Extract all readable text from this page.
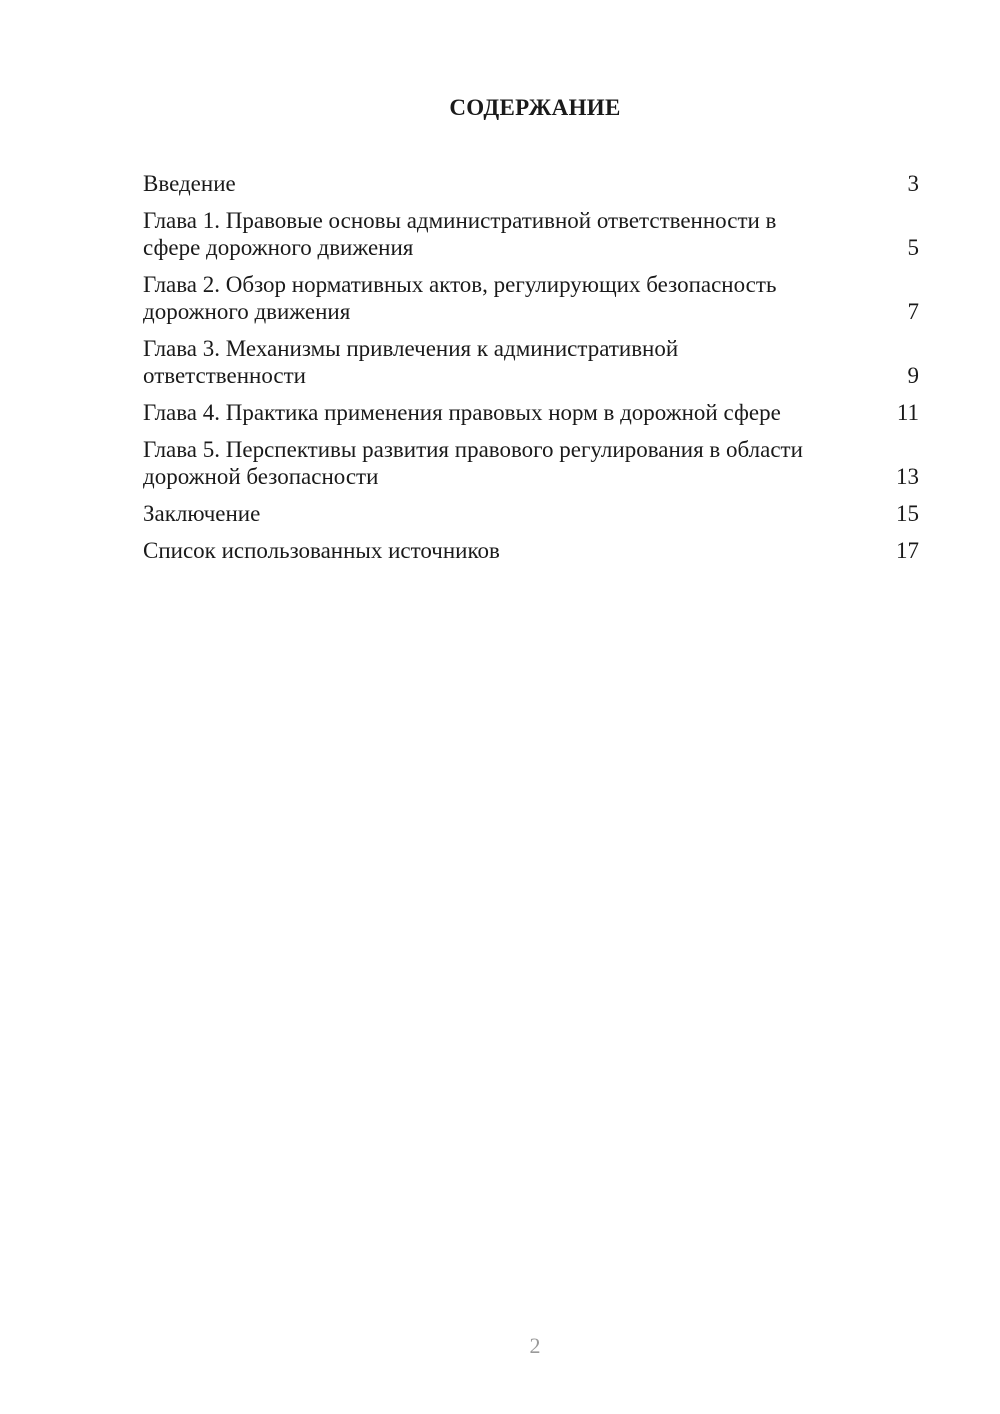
СОДЕРЖАНИЕ
Введение	3
Глава 1. Правовые основы административной ответственности в сфере дорожного движения	5
Глава 2. Обзор нормативных актов, регулирующих безопасность дорожного движения	7
Глава 3. Механизмы привлечения к административной ответственности	9
Глава 4. Практика применения правовых норм в дорожной сфере	11
Глава 5. Перспективы развития правового регулирования в области дорожной безопасности	13
Заключение	15
Список использованных источников	17
2
